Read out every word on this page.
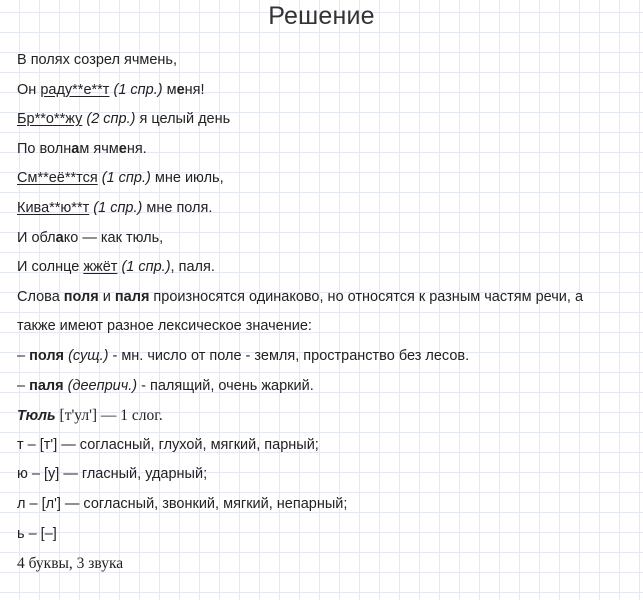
Решение
В полях созрел ячмень,
Он раду**е**т (1 спр.) меня!
Бр**о**жу (2 спр.) я целый день
По волнам ячменя.
См**её**тся (1 спр.) мне июль,
Кива**ю**т (1 спр.) мне поля.
И облако — как тюль,
И солнце жжёт (1 спр.), паля.
Слова поля и паля произносятся одинаково, но относятся к разным частям речи, а
также имеют разное лексическое значение:
– поля (сущ.) - мн. число от поле - земля, пространство без лесов.
– паля (дееприч.) - палящий, очень жаркий.
Тюль [т'ул'] — 1 слог.
т – [т'] — согласный, глухой, мягкий, парный;
ю – [у] — гласный, ударный;
л – [л'] — согласный, звонкий, мягкий, непарный;
ь – [–]
4 буквы, 3 звука
